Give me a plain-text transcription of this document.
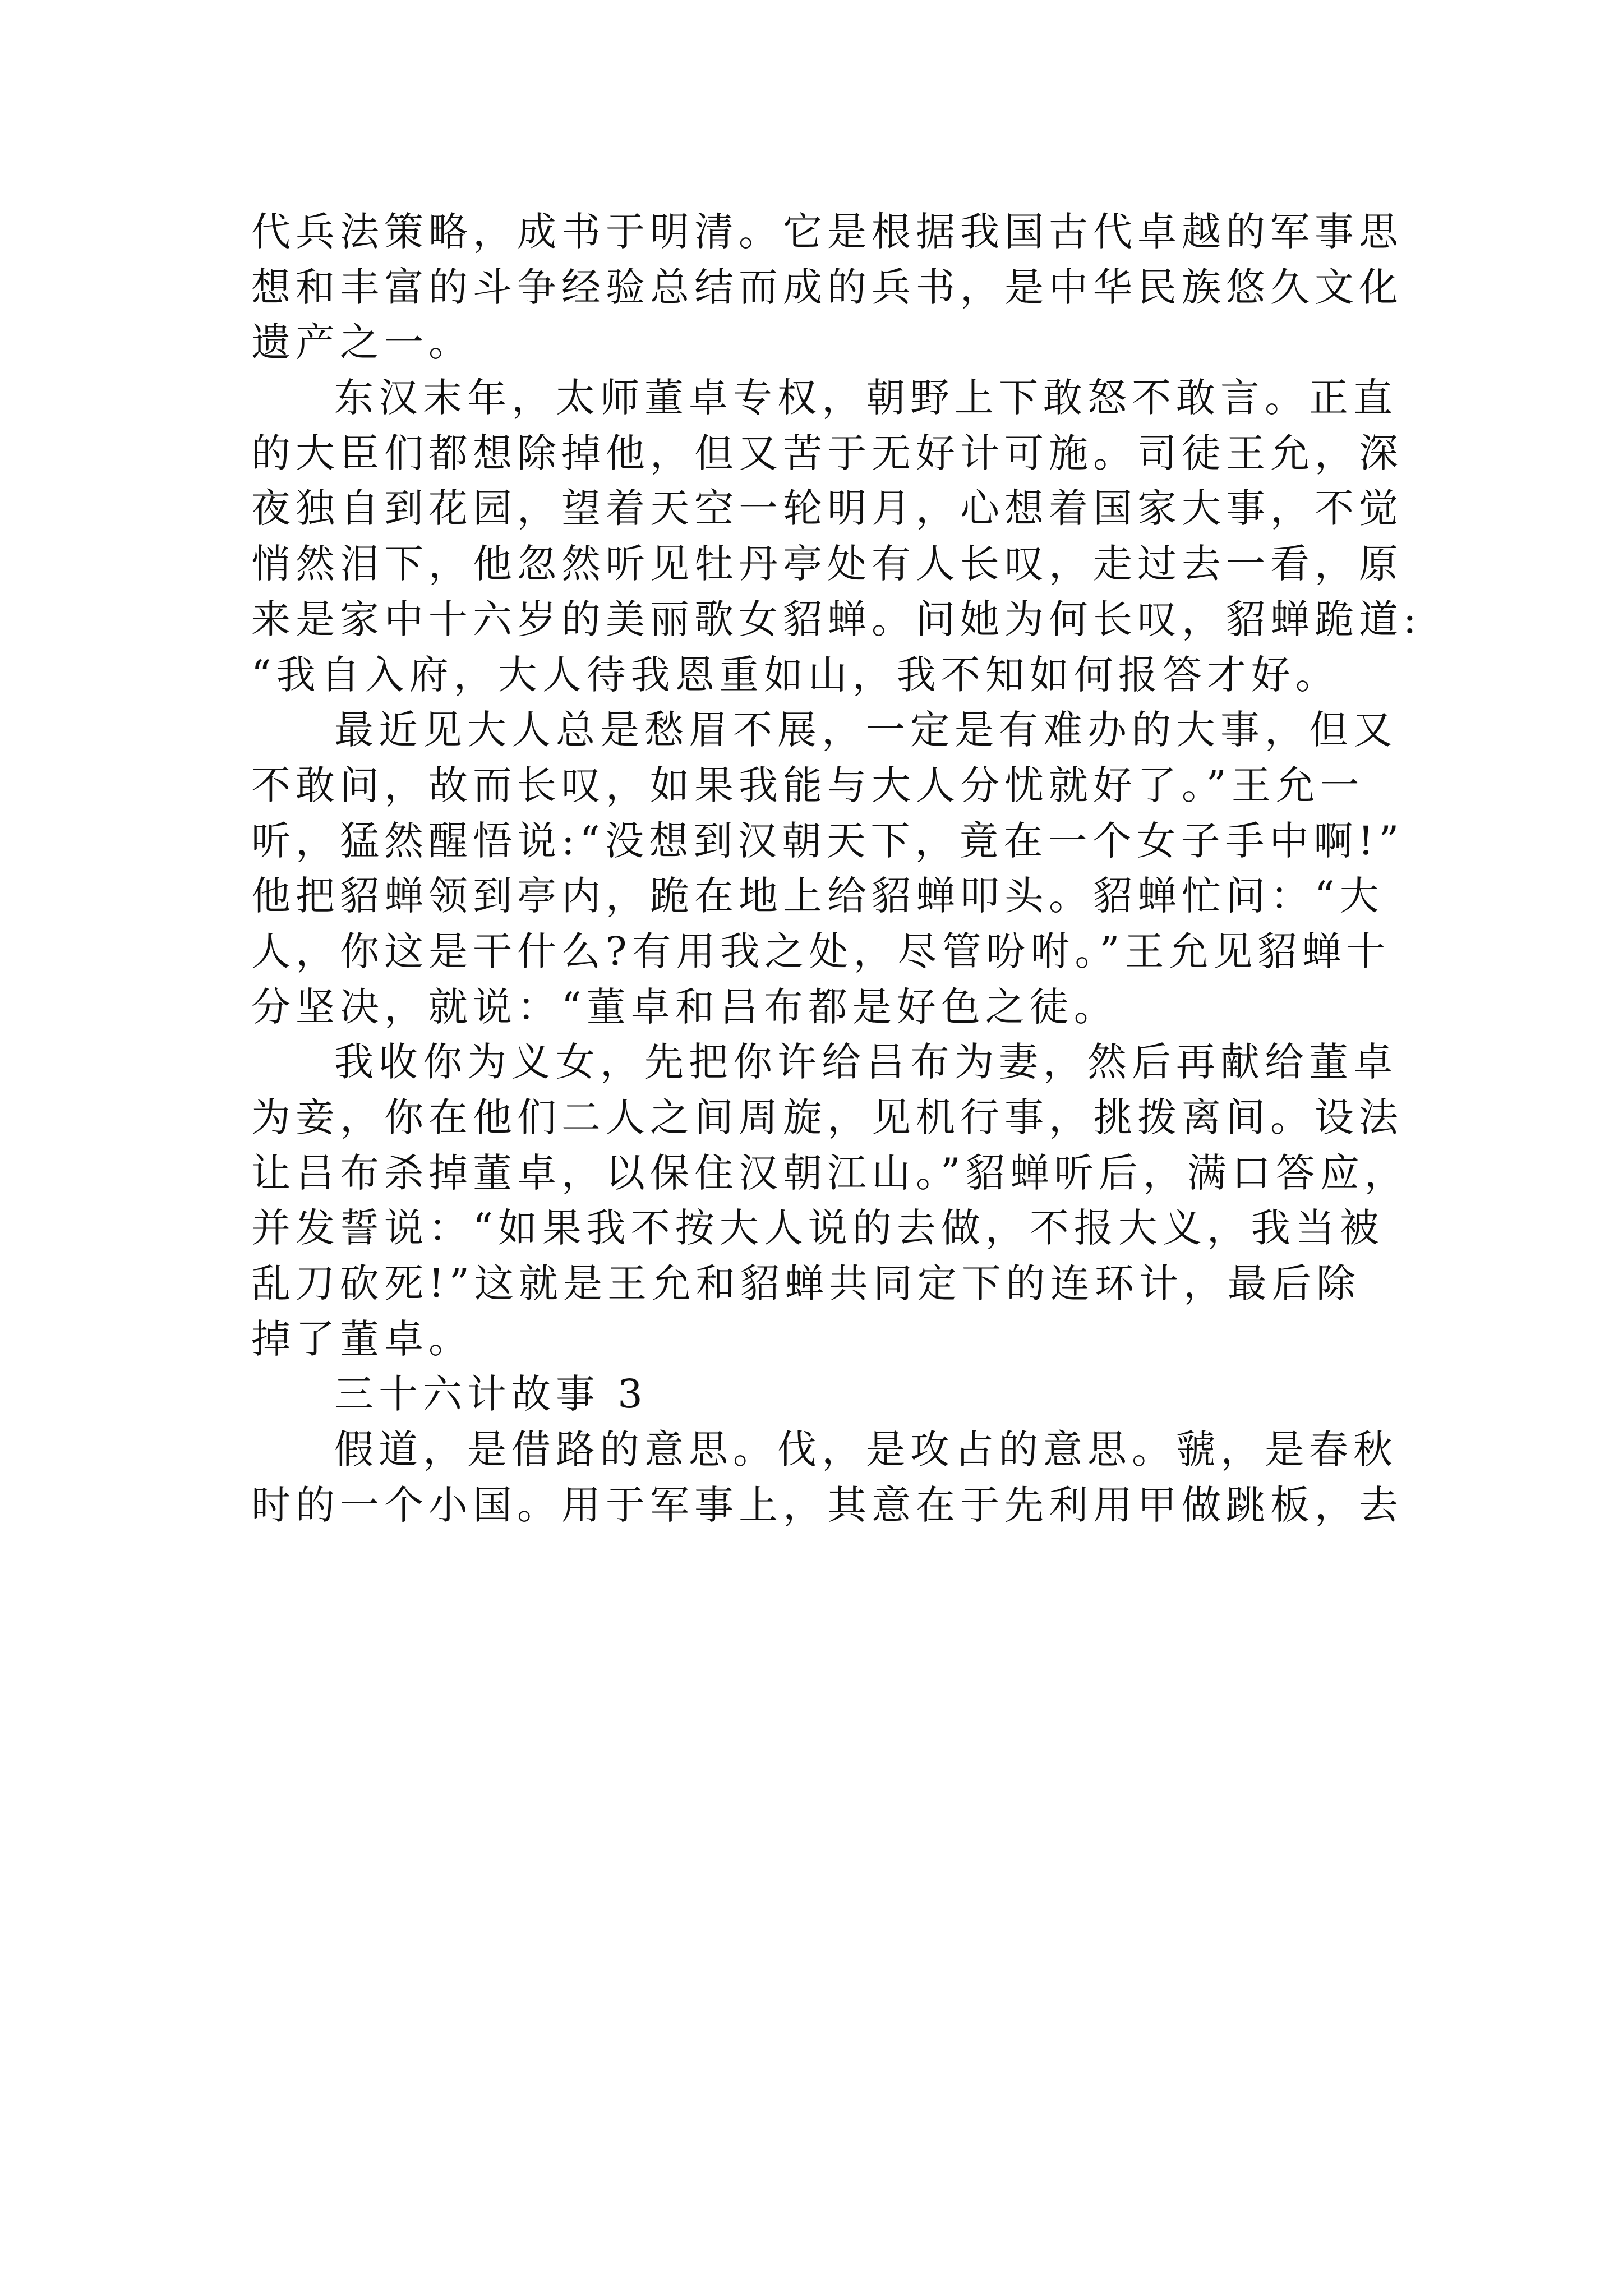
代兵法策略，成书于明清。它是根据我国古代卓越的军事思
想和丰富的斗争经验总结而成的兵书，是中华民族悠久文化
遗产之一。
东汉末年，太师董卓专权，朝野上下敢怒不敢言。正直
的大臣们都想除掉他，但又苦于无好计可施。司徒王允，深
夜独自到花园，望着天空一轮明月，心想着国家大事，不觉
悄然泪下，他忽然听见牡丹亭处有人长叹，走过去一看，原
来是家中十六岁的美丽歌女貂蝉。问她为何长叹，貂蝉跪道:
“我自入府，大人待我恩重如山，我不知如何报答才好。
最近见大人总是愁眉不展，一定是有难办的大事，但又
不敢问，故而长叹，如果我能与大人分忧就好了。”王允一
听，猛然醒悟说:“没想到汉朝天下，竟在一个女子手中啊!”
他把貂蝉领到亭内，跪在地上给貂蝉叩头。貂蝉忙问：“大
人，你这是干什么?有用我之处，尽管吩咐。”王允见貂蝉十
分坚决，就说：“董卓和吕布都是好色之徒。
我收你为义女，先把你许给吕布为妻，然后再献给董卓
为妾，你在他们二人之间周旋，见机行事，挑拨离间。设法
让吕布杀掉董卓，以保住汉朝江山。”貂蝉听后，满口答应，
并发誓说：“如果我不按大人说的去做，不报大义，我当被
乱刀砍死!”这就是王允和貂蝉共同定下的连环计，最后除
掉了董卓。
三十六计故事 3
假道，是借路的意思。伐，是攻占的意思。虢，是春秋
时的一个小国。用于军事上，其意在于先利用甲做跳板，去
